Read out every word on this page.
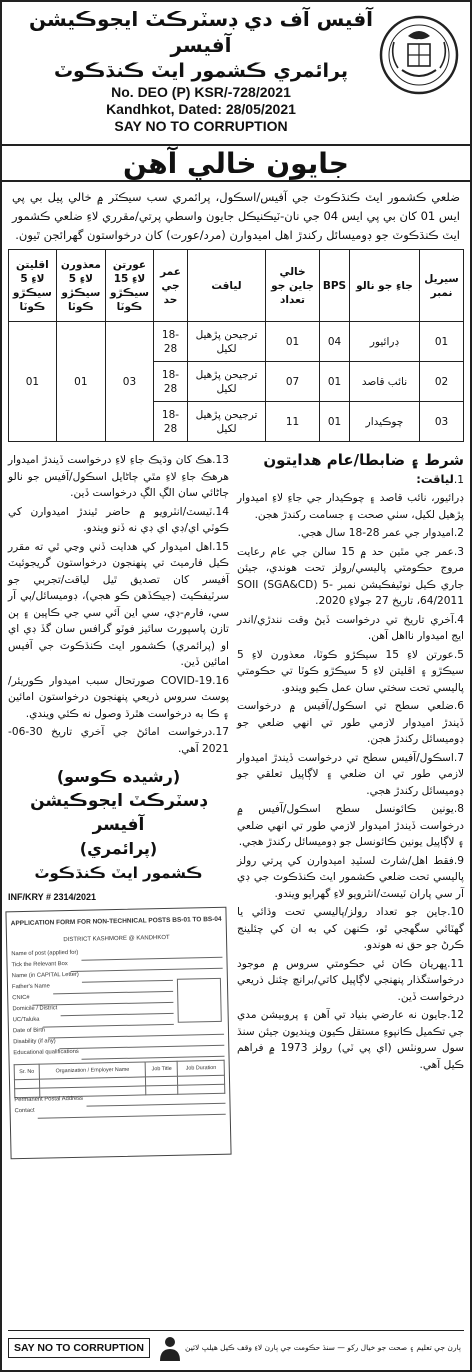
آفيس آف دي ڊسٽرڪٽ ايجوڪيشن آفيسر
پرائمري ڪشمور ايٽ ڪنڌڪوٽ
No. DEO (P) KSR/-728/2021
Kandhkot, Dated: 28/05/2021
SAY NO TO CORRUPTION
جايون خالي آهن
ضلعي ڪشمور ايٽ ڪنڌڪوٽ جي آفيس/اسڪول، پرائمري سب سيڪٽر ۾ خالي پيل بي پي ايس 01 کان بي پي ايس 04 جي نان-ٽيڪنيڪل جايون واسطي پرتي/مقرري لاءِ ضلعي ڪشمور ايٽ ڪنڌڪوٽ جو ڊوميسائل رکندڙ اهل اميدوارن (مرد/عورت) کان درخواستون گهرائجن ٿيون.
سيريل نمبر	جاءِ جو نالو	BPS	خالي جاين جو تعداد	لياقت	عمر جي حد	عورتن لاءِ 15 سيڪڙو ڪوٽا	معذورن لاءِ 5 سيڪڙو ڪوٽا	اقليتن لاءِ 5 سيڪڙو ڪوٽا
01	ڊرائيور	04	01	ترجيحن پڙهيل لکيل	18-28	03	01	01
02	نائب قاصد	01	07	ترجيحن پڙهيل لکيل	18-28			
03	چوڪيدار	01	11	ترجيحن پڙهيل لکيل	18-28			
شرط ۽ ضابطا/عام هدايتون
1.لياقت:
ڊرائيور، نائب قاصد ۽ چوڪيدار جي جاءِ لاءِ اميدوار پڙهيل لکيل، سٺي صحت ۽ جسامت رکندڙ هجن.
2.اميدوار جي عمر 28-18 سال هجي.
3.عمر جي مٿين حد ۾ 15 سالن جي عام رعايت مروج حڪومتي پاليسي/رولز تحت هوندي، جيئن جاري ڪيل نوٽيفڪيشن نمبر SOII (SGA&CD) 5-64/2011، تاريخ 27 جولاءِ 2020.
4.آخري تاريخ تي درخواست ڏيڻ وقت نندڙي/اندر ايج اميدوار نااهل آهن.
5.عورتن لاءِ 15 سيڪڙو ڪوٽا، معذورن لاءِ 5 سيڪڙو ۽ اقليتن لاءِ 5 سيڪڙو ڪوٽا تي حڪومتي پاليسي تحت سختي سان عمل ڪيو ويندو.
6.ضلعي سطح تي اسڪول/آفيس ۾ درخواست ڏيندڙ اميدوار لازمي طور تي انهي ضلعي جو ڊوميسائل رکندڙ هجن.
7.اسڪول/آفيس سطح تي درخواست ڏيندڙ اميدوار لازمي طور تي ان ضلعي ۽ لاڳاپيل تعلقي جو ڊوميسائل رکندڙ هجي.
8.يونين ڪائونسل سطح اسڪول/آفيس ۾ درخواست ڏيندڙ اميدوار لازمي طور تي انهي ضلعي ۽ لاڳاپيل يونين ڪائونسل جو ڊوميسائل رکندڙ هجي.
9.فقط اهل/شارٽ لسٽيڊ اميدوارن کي ڀرتي رولز پاليسي تحت ضلعي ڪشمور ايٽ ڪنڌڪوٽ جي ڊي آر سي پاران ٽيسٽ/انٽرويو لاءِ گهرايو ويندو.
10.جاين جو تعداد رولز/پاليسي تحت وڌائي يا گهٽائي سگهجي ٿو، ڪنهن کي به ان کي چئلينج ڪرڻ جو حق نه هوندو.
11.ڀهريان ڪان ئي حڪومتي سروس ۾ موجود درخواستگذار پنهنجي لاڳاپيل کاتي/برانچ چئنل ذريعي درخواست ڏين.
12.جايون نه عارضي بنياد تي آهن ۽ پروبيشن مدي جي تڪميل ڪانپوءِ مستقل ڪيون وينديون جيئن سنڌ سول سرونٽس (اي پي ٽي) رولز 1973 ۾ فراهم ڪيل آهي.
13.هڪ کان وڌيڪ جاءِ لاءِ درخواست ڏيندڙ اميدوار هرهڪ جاءِ لاءِ مٿي ڄاڻايل اسڪول/آفيس جو نالو ڄاڻائي سان الڳ الڳ درخواست ڏين.
14.ٽيسٽ/انٽرويو ۾ حاضر ٿيندڙ اميدوارن کي ڪوٽي اي/ڊي اي ڊي نه ڏنو ويندو.
15.اهل اميدوار کي هدايت ڏني وڃي ٿي ته مقرر ڪيل فارميٽ تي پنهنجون درخواستون گريجوئيٽ آفيسر کان تصديق ٿيل لياقت/تجربي جو سرٽيفڪيٽ (جيڪڏهن ڪو هجي)، ڊوميسائل/پي آر سي، فارم-ڊي، سي اين آئي سي جي ڪاپين ۽ ٻن تازن پاسپورٽ سائيز فوٽو گرافس سان گڏ ڊي اي او (پرائمري) ڪشمور ايٽ ڪنڌڪوٽ جي آفيس امائين ڏين.
16.COVID-19 صورتحال سبب اميدوار ڪوريئر/پوسٽ سروس ذريعي پنهنجون درخواستون امائين ۽ ڪا به درخواست هٿرڌ وصول نه ڪئي ويندي.
17.درخواست امائڻ جي آخري تاريخ 30-06-2021 آهي.
(رشيده ڪوسو)
ڊسٽرڪٽ ايجوڪيشن آفيسر
(پرائمري)
ڪشمور ايٽ ڪنڌڪوٽ
INF/KRY # 2314/2021
APPLICATION FORM FOR NON-TECHNICAL POSTS BS-01 TO BS-04
DISTRICT KASHMORE @ KANDHKOT
Name of post (applied for)
Tick the Relevant Box
Name (in CAPITAL Letter)
Father's Name
CNIC#
Domicile / District
UC/Taluka
Date of Birth
Disability (if any)
Educational qualifications
Sr. No	Organization / Employer Name	Job Title	Job Duration

Permanent Postal Address
Contact
SAY NO TO CORRUPTION	ٻارن جي تعليم ۽ صحت جو خيال رکو — سنڌ حڪومت جي ٻارن لاءِ وقف ڪيل هيلپ لائين
